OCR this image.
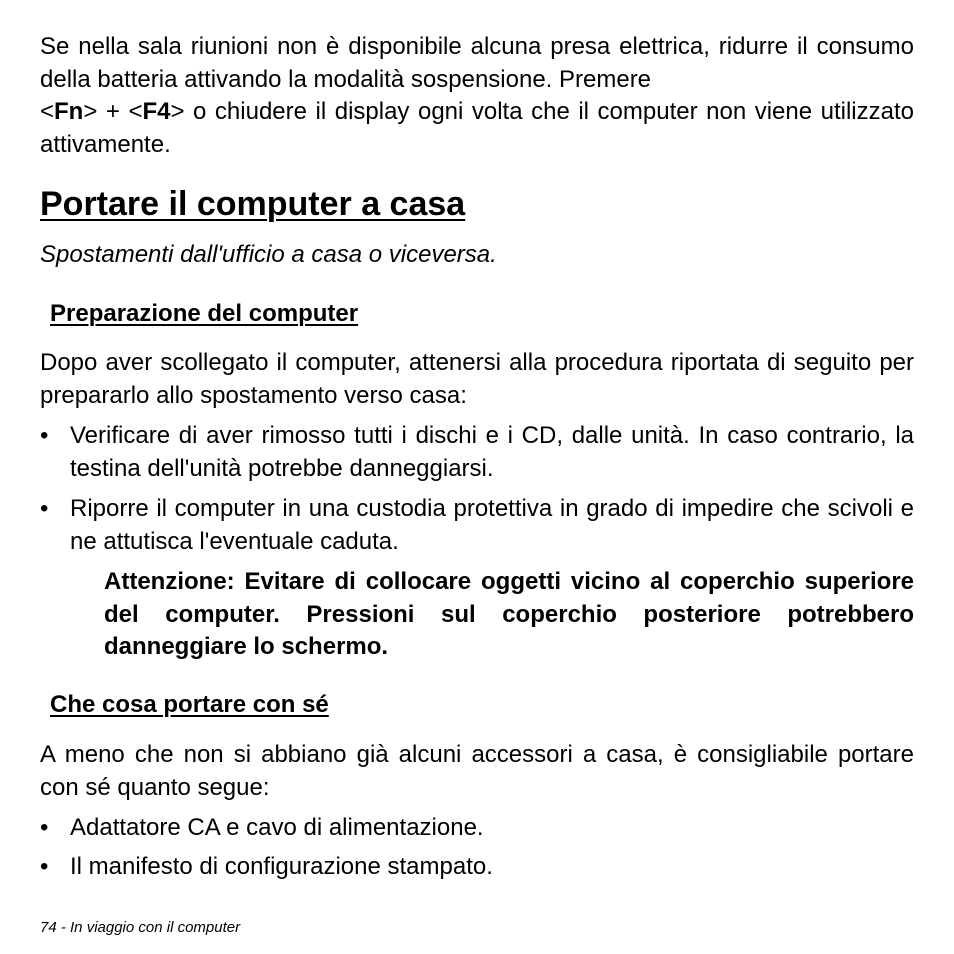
Se nella sala riunioni non è disponibile alcuna presa elettrica, ridurre il consumo della batteria attivando la modalità sospensione. Premere
<Fn> + <F4> o chiudere il display ogni volta che il computer non viene utilizzato attivamente.

Portare il computer a casa

Spostamenti dall'ufficio a casa o viceversa.

Preparazione del computer

Dopo aver scollegato il computer, attenersi alla procedura riportata di seguito per prepararlo allo spostamento verso casa:

• Verificare di aver rimosso tutti i dischi e i CD, dalle unità. In caso contrario, la testina dell'unità potrebbe danneggiarsi.
• Riporre il computer in una custodia protettiva in grado di impedire che scivoli e ne attutisca l'eventuale caduta.

Attenzione: Evitare di collocare oggetti vicino al coperchio superiore del computer. Pressioni sul coperchio posteriore potrebbero danneggiare lo schermo.

Che cosa portare con sé

A meno che non si abbiano già alcuni accessori a casa, è consigliabile portare con sé quanto segue:

• Adattatore CA e cavo di alimentazione.
• Il manifesto di configurazione stampato.

74 - In viaggio con il computer
